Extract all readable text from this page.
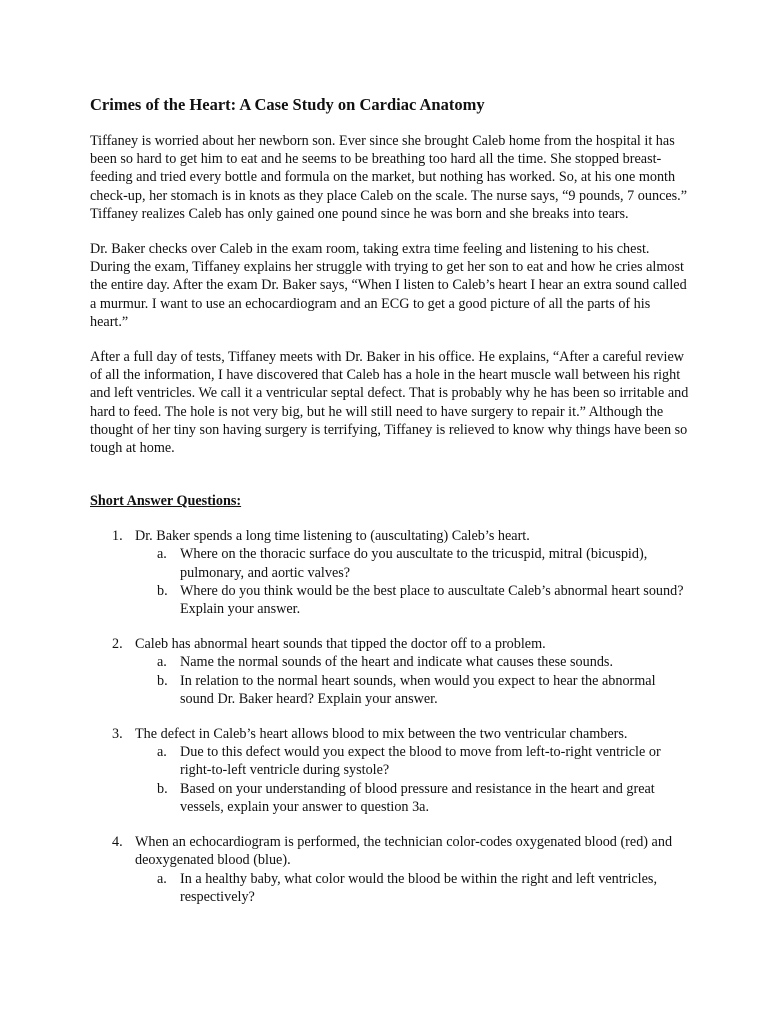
Crimes of the Heart: A Case Study on Cardiac Anatomy

Tiffaney is worried about her newborn son. Ever since she brought Caleb home from the hospital it has been so hard to get him to eat and he seems to be breathing too hard all the time. She stopped breast-feeding and tried every bottle and formula on the market, but nothing has worked. So, at his one month check-up, her stomach is in knots as they place Caleb on the scale. The nurse says, “9 pounds, 7 ounces.” Tiffaney realizes Caleb has only gained one pound since he was born and she breaks into tears.

Dr. Baker checks over Caleb in the exam room, taking extra time feeling and listening to his chest. During the exam, Tiffaney explains her struggle with trying to get her son to eat and how he cries almost the entire day. After the exam Dr. Baker says, “When I listen to Caleb’s heart I hear an extra sound called a murmur. I want to use an echocardiogram and an ECG to get a good picture of all the parts of his heart.”

After a full day of tests, Tiffaney meets with Dr. Baker in his office. He explains, “After a careful review of all the information, I have discovered that Caleb has a hole in the heart muscle wall between his right and left ventricles. We call it a ventricular septal defect. That is probably why he has been so irritable and hard to feed. The hole is not very big, but he will still need to have surgery to repair it.” Although the thought of her tiny son having surgery is terrifying, Tiffaney is relieved to know why things have been so tough at home.

Short Answer Questions:
1. Dr. Baker spends a long time listening to (auscultating) Caleb’s heart.
a. Where on the thoracic surface do you auscultate to the tricuspid, mitral (bicuspid), pulmonary, and aortic valves?
b. Where do you think would be the best place to auscultate Caleb’s abnormal heart sound? Explain your answer.
2. Caleb has abnormal heart sounds that tipped the doctor off to a problem.
a. Name the normal sounds of the heart and indicate what causes these sounds.
b. In relation to the normal heart sounds, when would you expect to hear the abnormal sound Dr. Baker heard? Explain your answer.
3. The defect in Caleb’s heart allows blood to mix between the two ventricular chambers.
a. Due to this defect would you expect the blood to move from left-to-right ventricle or right-to-left ventricle during systole?
b. Based on your understanding of blood pressure and resistance in the heart and great vessels, explain your answer to question 3a.
4. When an echocardiogram is performed, the technician color-codes oxygenated blood (red) and deoxygenated blood (blue).
a. In a healthy baby, what color would the blood be within the right and left ventricles, respectively?
